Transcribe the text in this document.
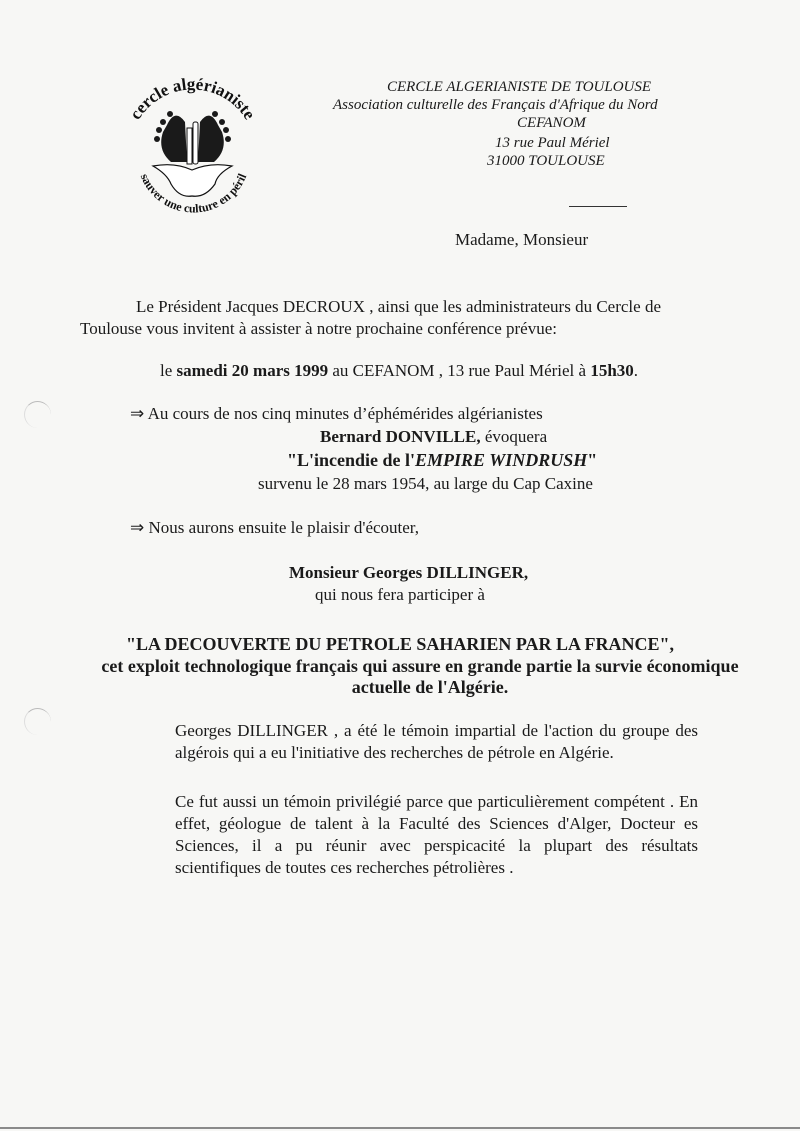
cercle algérianiste
sauver une culture en péril
CERCLE ALGERIANISTE DE TOULOUSE
Association culturelle des Français d'Afrique du Nord
CEFANOM
13 rue Paul Mériel
31000 TOULOUSE
Madame, Monsieur
Le Président Jacques DECROUX , ainsi que les administrateurs du Cercle de
Toulouse vous invitent à assister à notre prochaine conférence prévue:
le samedi 20 mars 1999 au CEFANOM , 13 rue Paul Mériel à 15h30.
⇒ Au cours de nos cinq minutes d’éphémérides algérianistes
Bernard DONVILLE, évoquera
"L'incendie de l'EMPIRE WINDRUSH"
survenu le 28 mars 1954, au large du Cap Caxine
⇒ Nous aurons ensuite le plaisir d'écouter,
Monsieur Georges DILLINGER,
qui nous fera participer à
"LA DECOUVERTE DU PETROLE SAHARIEN PAR LA FRANCE",
cet exploit technologique français qui assure en grande partie la survie économique
actuelle de l'Algérie.
Georges DILLINGER , a été le témoin impartial de l'action du groupe des algérois qui a eu l'initiative des recherches de pétrole en Algérie.
Ce fut aussi un témoin privilégié parce que particulièrement compétent . En effet, géologue de talent à la Faculté des Sciences d'Alger, Docteur es Sciences, il a pu réunir avec perspicacité la plupart des résultats scientifiques de toutes ces recherches pétrolières .
